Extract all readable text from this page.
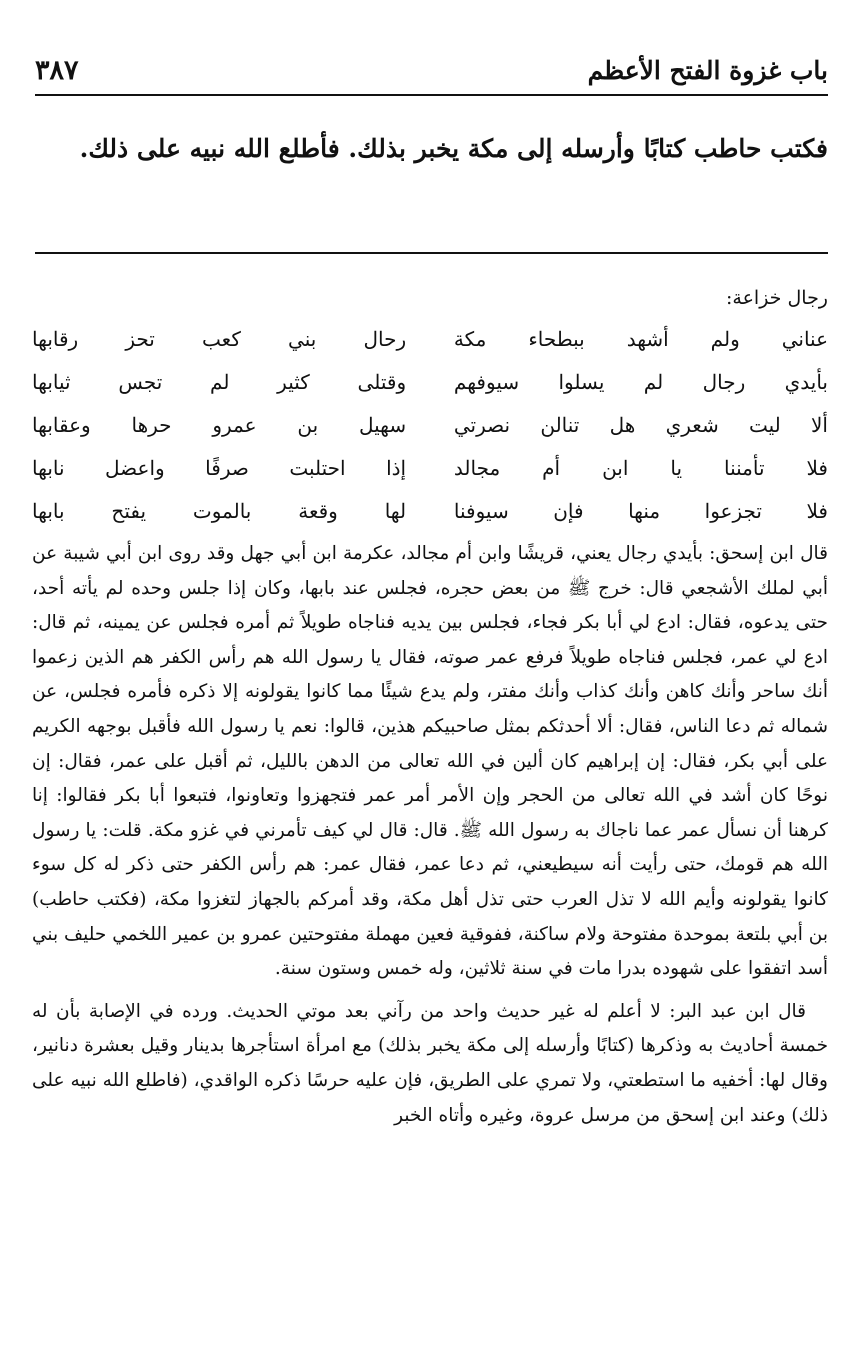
باب غزوة الفتح الأعظم
٣٨٧

فكتب حاطب كتابًا وأرسله إلى مكة يخبر بذلك. فأطلع الله نبيه على ذلك.

رجال خزاعة:

عناني ولم أشهد ببطحاء مكة
رحال بني كعب تحز رقابها
بأيدي رجال لم يسلوا سيوفهم
وقتلى كثير لم تجس ثيابها
ألا ليت شعري هل تنالن نصرتي
سهيل بن عمرو حرها وعقابها
فلا تأمننا يا ابن أم مجالد
إذا احتلبت صرفًا واعضل نابها
فلا تجزعوا منها فإن سيوفنا
لها وقعة بالموت يفتح بابها

قال ابن إسحق: بأيدي رجال يعني، قريشًا وابن أم مجالد، عكرمة ابن أبي جهل وقد روى ابن أبي شيبة عن أبي لملك الأشجعي قال: خرج ﷺ من بعض حجره، فجلس عند بابها، وكان إذا جلس وحده لم يأته أحد، حتى يدعوه، فقال: ادع لي أبا بكر فجاء، فجلس بين يديه فناجاه طويلاً ثم أمره فجلس عن يمينه، ثم قال: ادع لي عمر، فجلس فناجاه طويلاً فرفع عمر صوته، فقال يا رسول الله هم رأس الكفر هم الذين زعموا أنك ساحر وأنك كاهن وأنك كذاب وأنك مفتر، ولم يدع شيئًا مما كانوا يقولونه إلا ذكره فأمره فجلس، عن شماله ثم دعا الناس، فقال: ألا أحدثكم بمثل صاحبيكم هذين، قالوا: نعم يا رسول الله فأقبل بوجهه الكريم على أبي بكر، فقال: إن إبراهيم كان ألين في الله تعالى من الدهن بالليل، ثم أقبل على عمر، فقال: إن نوحًا كان أشد في الله تعالى من الحجر وإن الأمر أمر عمر فتجهزوا وتعاونوا، فتبعوا أبا بكر فقالوا: إنا كرهنا أن نسأل عمر عما ناجاك به رسول الله ﷺ. قال: قال لي كيف تأمرني في غزو مكة. قلت: يا رسول الله هم قومك، حتى رأيت أنه سيطيعني، ثم دعا عمر، فقال عمر: هم رأس الكفر حتى ذكر له كل سوء كانوا يقولونه وأيم الله لا تذل العرب حتى تذل أهل مكة، وقد أمركم بالجهاز لتغزوا مكة، (فكتب حاطب) بن أبي بلتعة بموحدة مفتوحة ولام ساكنة، ففوقية فعين مهملة مفتوحتين عمرو بن عمير اللخمي حليف بني أسد اتفقوا على شهوده بدرا مات في سنة ثلاثين، وله خمس وستون سنة.

قال ابن عبد البر: لا أعلم له غير حديث واحد من رآني بعد موتي الحديث. ورده في الإصابة بأن له خمسة أحاديث به وذكرها (كتابًا وأرسله إلى مكة يخبر بذلك) مع امرأة استأجرها بدينار وقيل بعشرة دنانير، وقال لها: أخفيه ما استطعتي، ولا تمري على الطريق، فإن عليه حرسًا ذكره الواقدي، (فاطلع الله نبيه على ذلك) وعند ابن إسحق من مرسل عروة، وغيره وأتاه الخبر
